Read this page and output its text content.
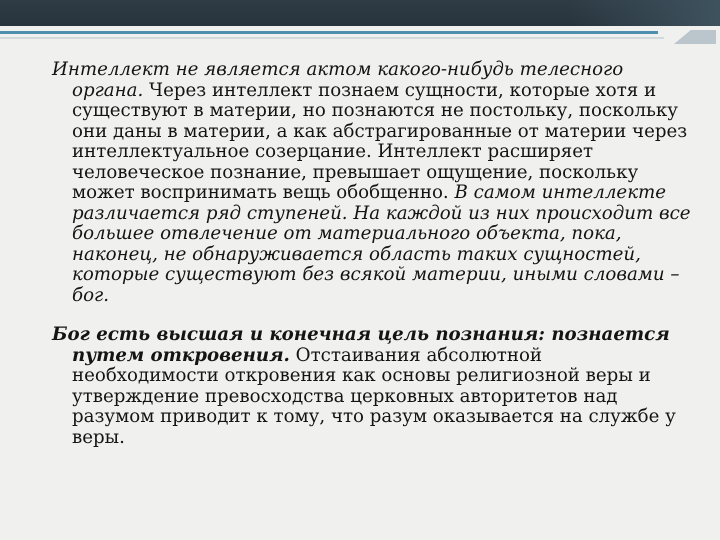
Интеллект не является актом какого-нибудь телесного органа. Через интеллект познаем сущности, которые хотя и существуют в материи, но познаются не постольку, поскольку они даны в материи, а как абстрагированные от материи через интеллектуальное созерцание. Интеллект расширяет человеческое познание, превышает ощущение, поскольку может воспринимать вещь обобщенно. В самом интеллекте различается ряд ступеней. На каждой из них происходит все большее отвлечение от материального объекта, пока, наконец, не обнаруживается область таких сущностей, которые существуют без всякой материи, иными словами – бог.

Бог есть высшая и конечная цель познания: познается путем откровения. Отстаивания абсолютной необходимости откровения как основы религиозной веры и утверждение превосходства церковных авторитетов над разумом приводит к тому, что разум оказывается на службе у веры.
